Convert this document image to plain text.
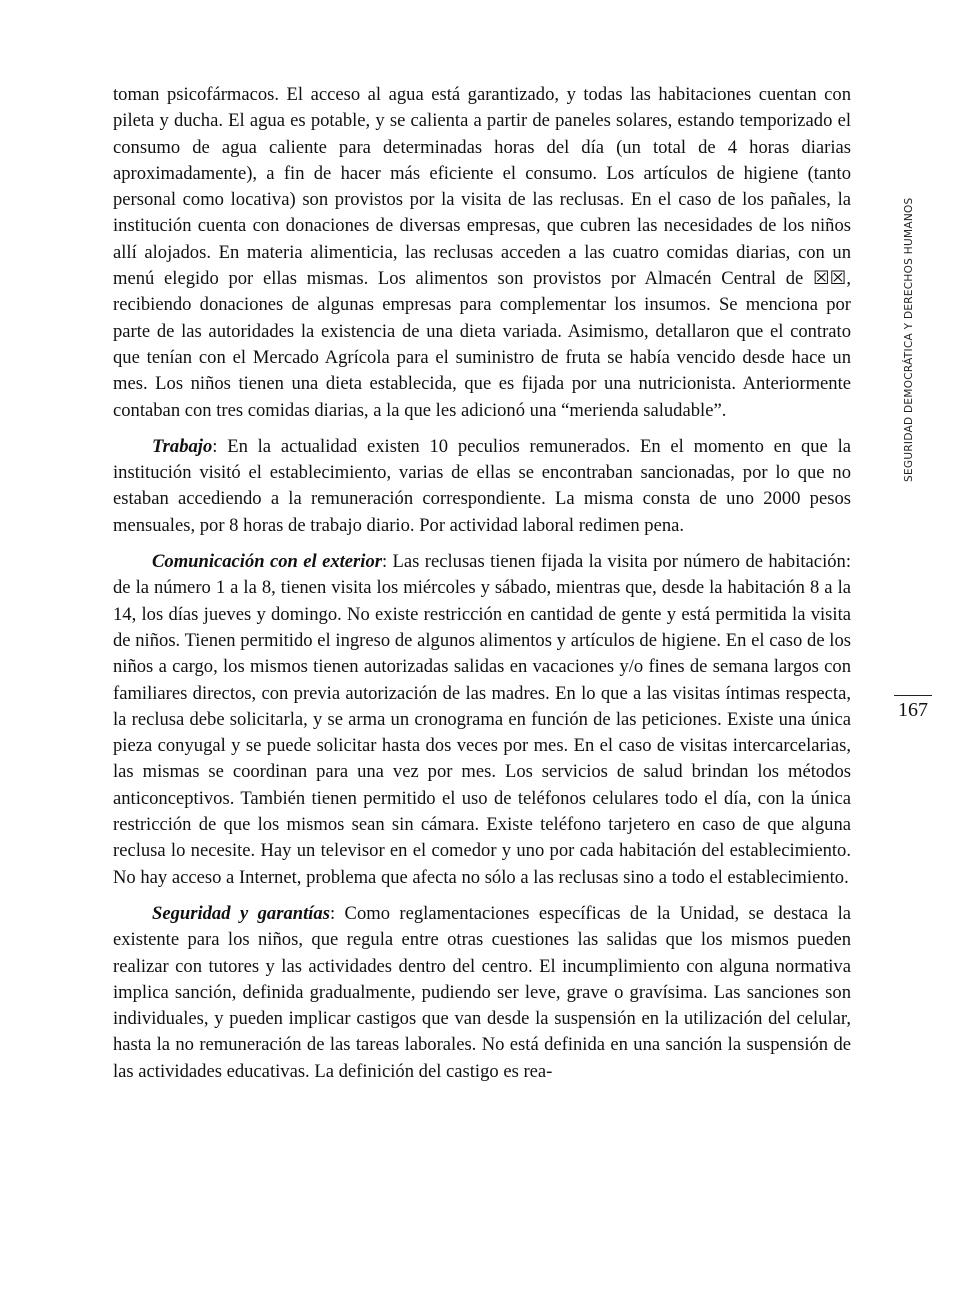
toman psicofármacos. El acceso al agua está garantizado, y todas las habitaciones cuentan con pileta y ducha. El agua es potable, y se calienta a partir de paneles solares, estando temporizado el consumo de agua caliente para determinadas horas del día (un total de 4 horas diarias aproximadamente), a fin de hacer más eficiente el consumo. Los artículos de higiene (tanto personal como locativa) son provistos por la visita de las reclusas. En el caso de los pañales, la institución cuenta con donaciones de diversas empresas, que cubren las necesidades de los niños allí alojados. En materia alimenticia, las reclusas acceden a las cuatro comidas diarias, con un menú elegido por ellas mismas. Los alimentos son provistos por Almacén Central de ☒☒, recibiendo donaciones de algunas empresas para complementar los insumos. Se menciona por parte de las autoridades la existencia de una dieta variada. Asimismo, detallaron que el contrato que tenían con el Mercado Agrícola para el suministro de fruta se había vencido desde hace un mes. Los niños tienen una dieta establecida, que es fijada por una nutricionista. Anteriormente contaban con tres comidas diarias, a la que les adicionó una “merienda saludable”.

Trabajo: En la actualidad existen 10 peculios remunerados. En el momento en que la institución visitó el establecimiento, varias de ellas se encontraban sancionadas, por lo que no estaban accediendo a la remuneración correspondiente. La misma consta de uno 2000 pesos mensuales, por 8 horas de trabajo diario. Por actividad laboral redimen pena.

Comunicación con el exterior: Las reclusas tienen fijada la visita por número de habitación: de la número 1 a la 8, tienen visita los miércoles y sábado, mientras que, desde la habitación 8 a la 14, los días jueves y domingo. No existe restricción en cantidad de gente y está permitida la visita de niños. Tienen permitido el ingreso de algunos alimentos y artículos de higiene. En el caso de los niños a cargo, los mismos tienen autorizadas salidas en vacaciones y/o fines de semana largos con familiares directos, con previa autorización de las madres. En lo que a las visitas íntimas respecta, la reclusa debe solicitarla, y se arma un cronograma en función de las peticiones. Existe una única pieza conyugal y se puede solicitar hasta dos veces por mes. En el caso de visitas intercarcelarias, las mismas se coordinan para una vez por mes. Los servicios de salud brindan los métodos anticonceptivos. También tienen permitido el uso de teléfonos celulares todo el día, con la única restricción de que los mismos sean sin cámara. Existe teléfono tarjetero en caso de que alguna reclusa lo necesite. Hay un televisor en el comedor y uno por cada habitación del establecimiento. No hay acceso a Internet, problema que afecta no sólo a las reclusas sino a todo el establecimiento.

Seguridad y garantías: Como reglamentaciones específicas de la Unidad, se destaca la existente para los niños, que regula entre otras cuestiones las salidas que los mismos pueden realizar con tutores y las actividades dentro del centro. El incumplimiento con alguna normativa implica sanción, definida gradualmente, pudiendo ser leve, grave o gravísima. Las sanciones son individuales, y pueden implicar castigos que van desde la suspensión en la utilización del celular, hasta la no remuneración de las tareas laborales. No está definida en una sanción la suspensión de las actividades educativas. La definición del castigo es rea-

SEGURIDAD DEMOCRÁTICA Y DERECHOS HUMANOS
167
